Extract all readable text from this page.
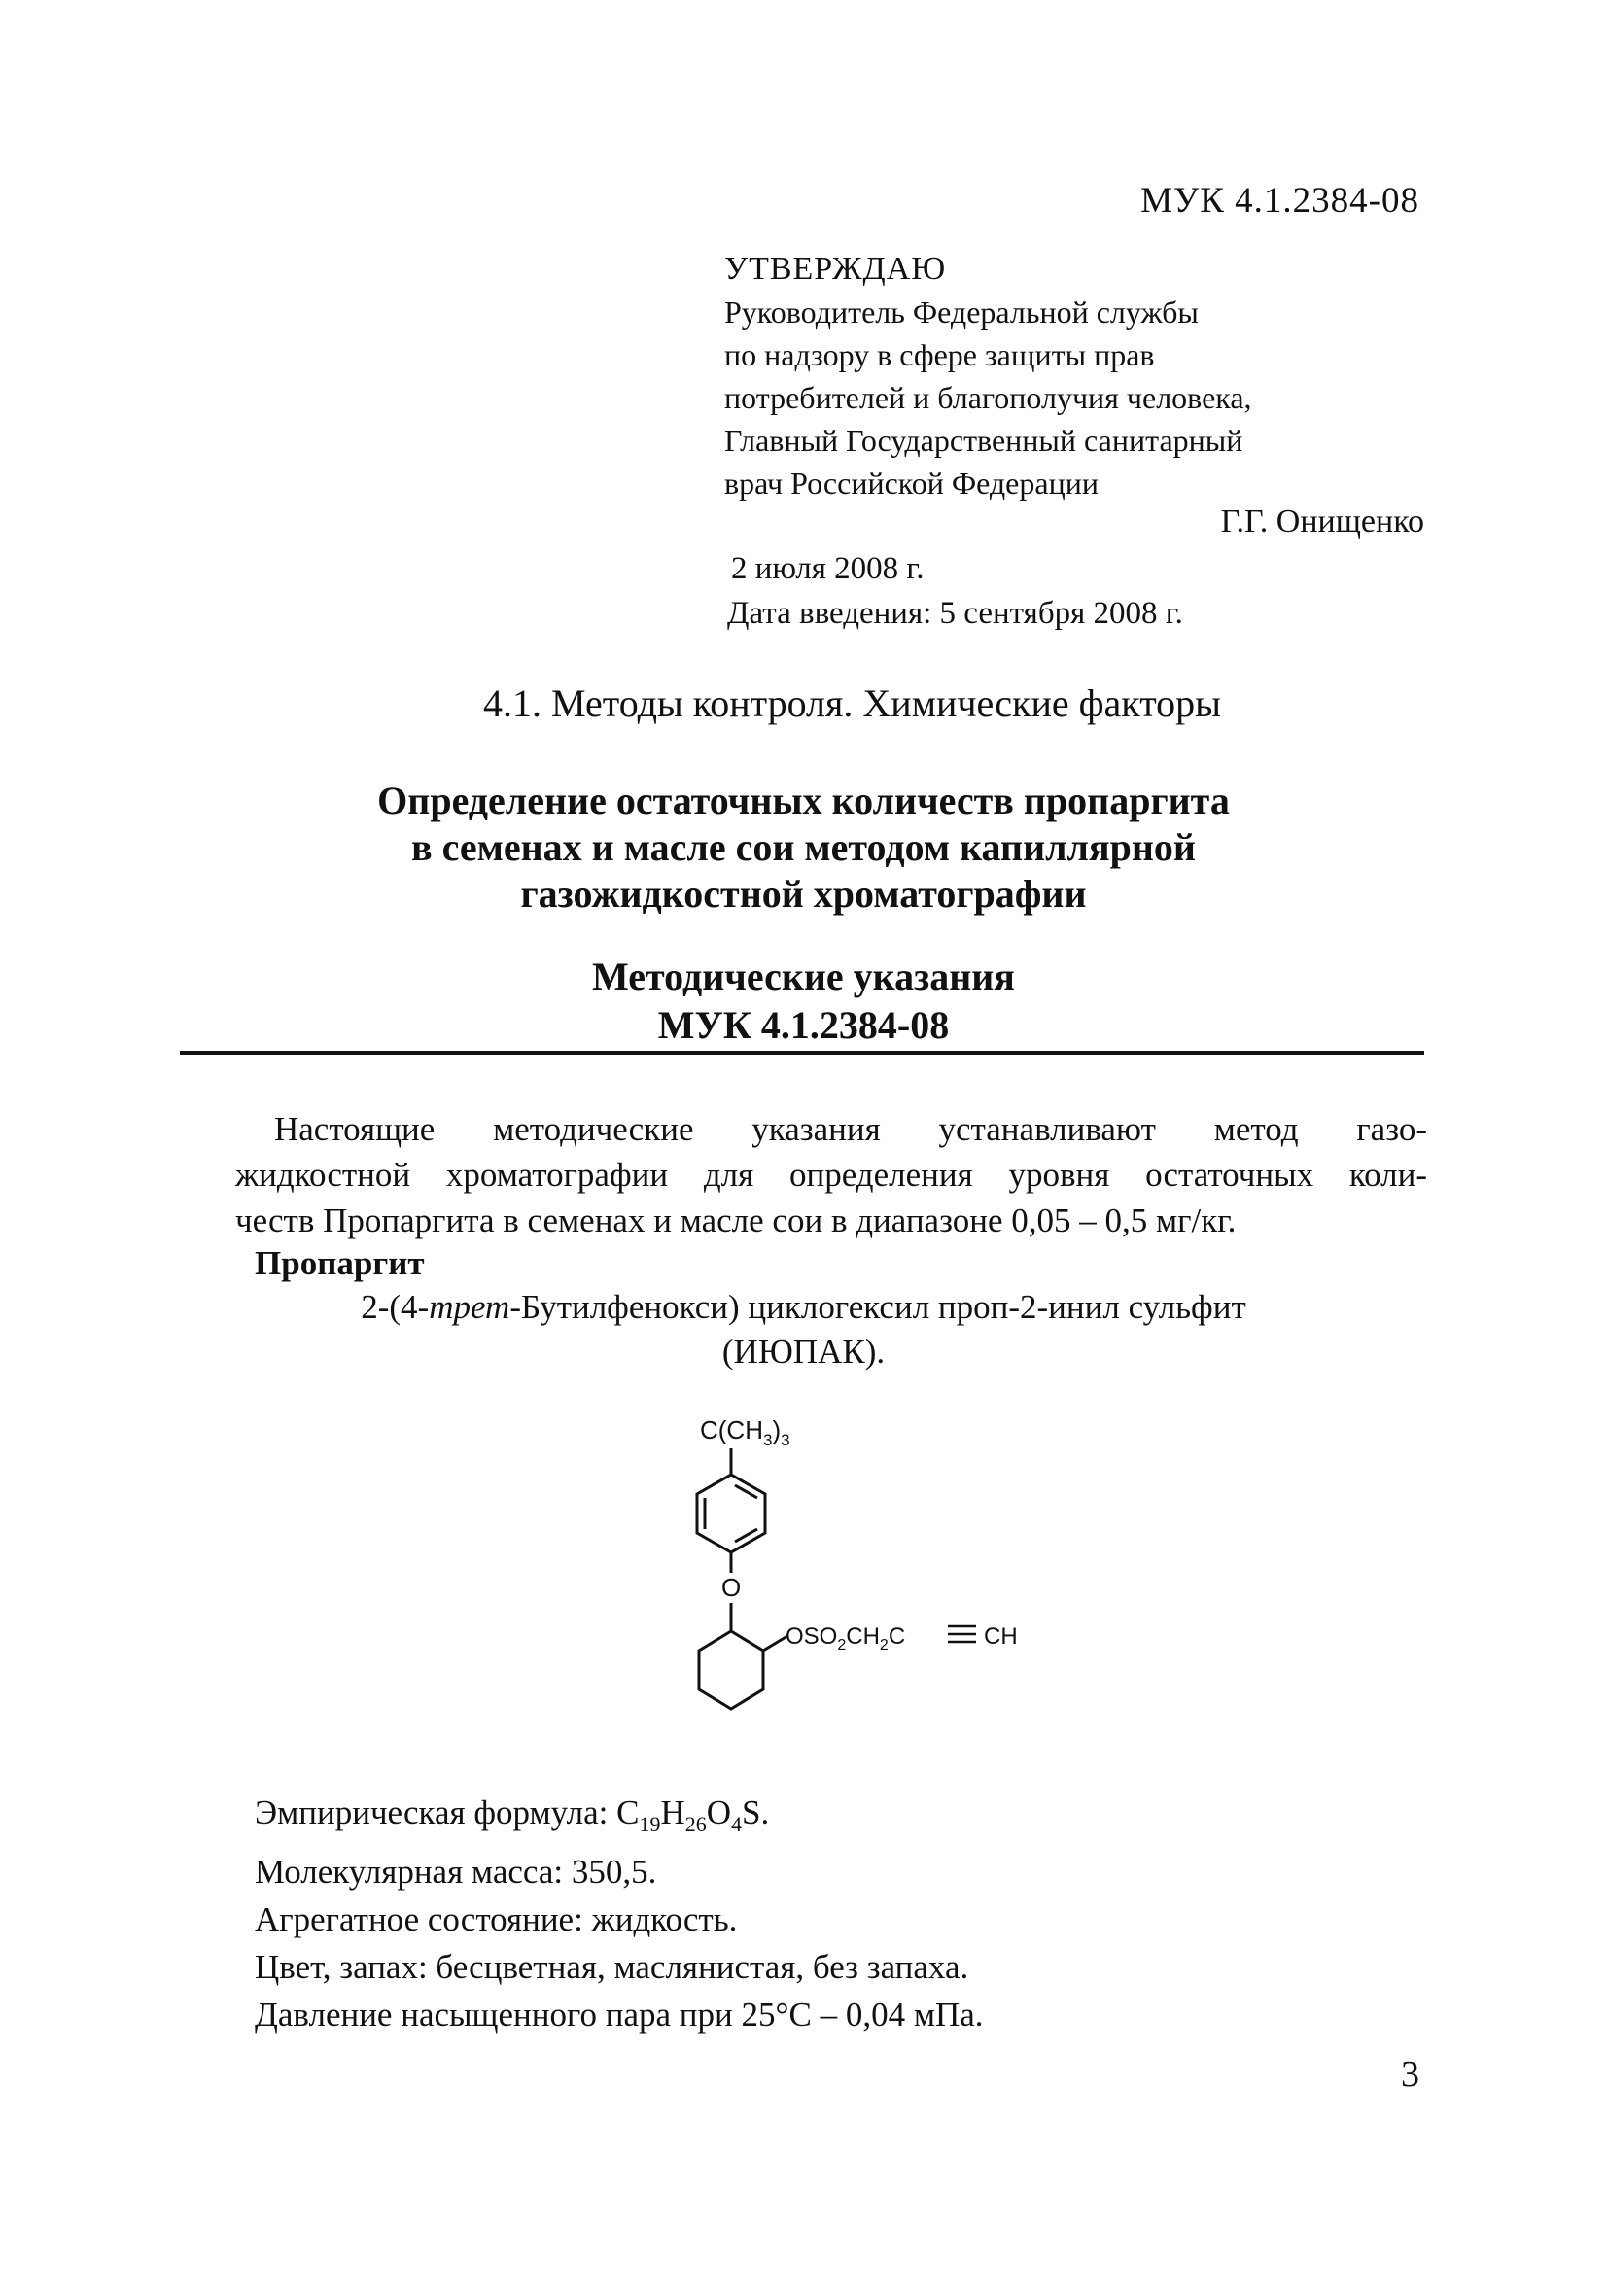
МУК 4.1.2384-08
УТВЕРЖДАЮ
Руководитель Федеральной службы
по надзору в сфере защиты прав
потребителей и благополучия человека,
Главный Государственный санитарный
врач Российской Федерации
Г.Г. Онищенко
2 июля 2008 г.
Дата введения: 5 сентября 2008 г.
4.1. Методы контроля. Химические факторы
Определение остаточных количеств пропаргита
в семенах и масле сои методом капиллярной
газожидкостной хроматографии
Методические указания
МУК 4.1.2384-08
Настоящие методические указания устанавливают метод газо-
жидкостной хроматографии для определения уровня остаточных коли-
честв Пропаргита в семенах и масле сои в диапазоне 0,05 – 0,5 мг/кг.
Пропаргит
2-(4-трет-Бутилфенокси) циклогексил проп-2-инил сульфит
(ИЮПАК).
$C(CH_3)_3$
O
$OSO_2CH_2C$	CH
Эмпирическая формула: $C_{19}H_{26}O_4S$.
Молекулярная масса: 350,5.
Агрегатное состояние: жидкость.
Цвет, запах: бесцветная, маслянистая, без запаха.
Давление насыщенного пара при 25°С – 0,04 мПа.
3
